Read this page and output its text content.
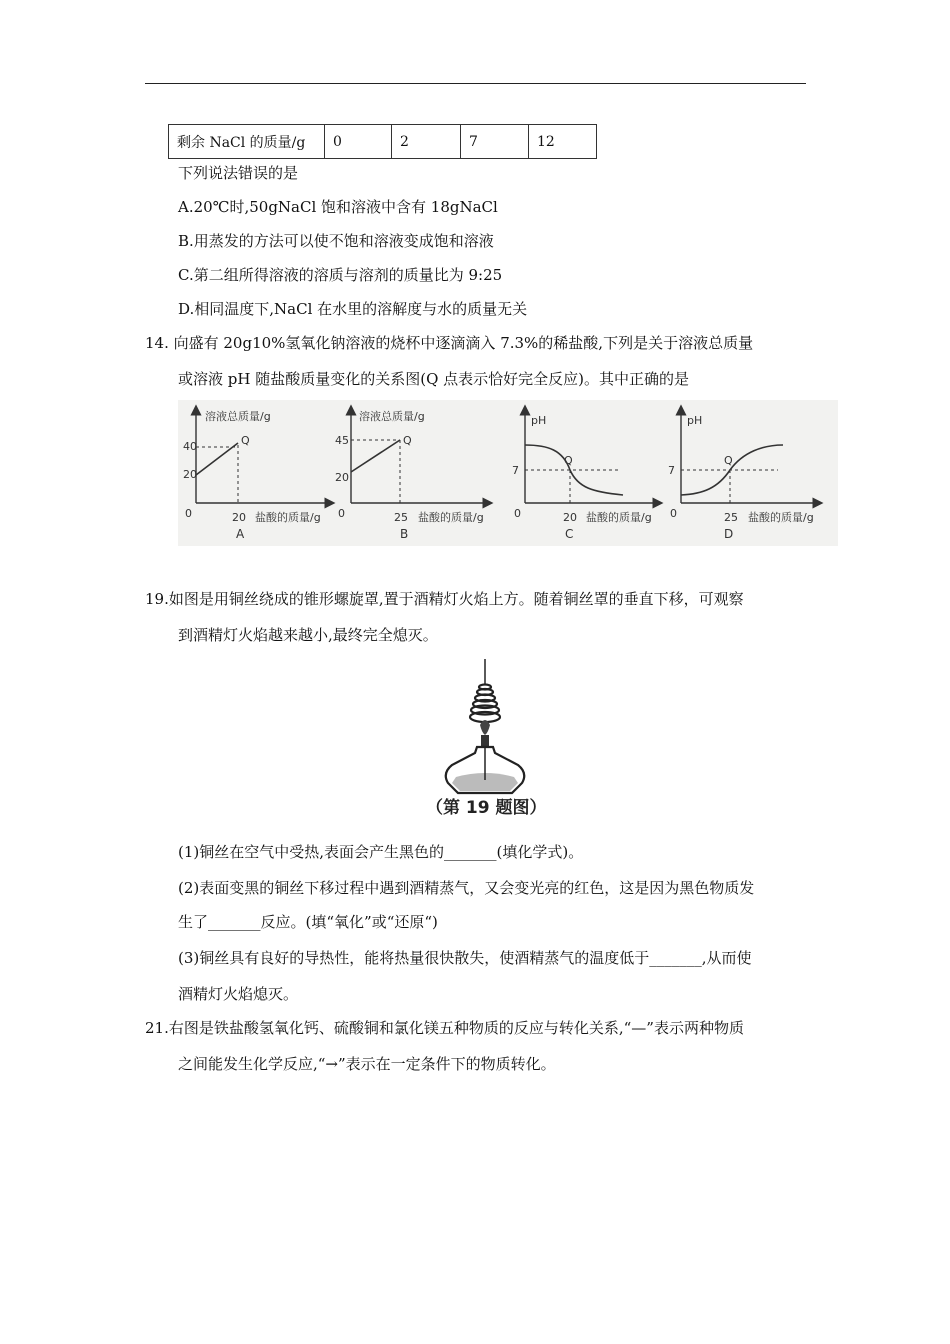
剩余 NaCl 的质量/g	0	2	7	12
下列说法错误的是
A.20℃时,50gNaCl 饱和溶液中含有 18gNaCl
B.用蒸发的方法可以使不饱和溶液变成饱和溶液
C.第二组所得溶液的溶质与溶剂的质量比为 9:25
D.相同温度下,NaCl 在水里的溶解度与水的质量无关
14. 向盛有 20g10%氢氧化钠溶液的烧杯中逐滴滴入 7.3%的稀盐酸,下列是关于溶液总质量
或溶液 pH 随盐酸质量变化的关系图(Q 点表示恰好完全反应)。其中正确的是
溶液总质量/g
40
20
Q
0	20 盐酸的质量/g
A
溶液总质量/g
45
20
Q
0	25 盐酸的质量/g
B
pH
7
Q
0	20 盐酸的质量/g
C
pH
7
Q
0	25 盐酸的质量/g
D
19.如图是用铜丝绕成的锥形螺旋罩,置于酒精灯火焰上方。随着铜丝罩的垂直下移，可观察
到酒精灯火焰越来越小,最终完全熄灭。
（第 19 题图）
(1)铜丝在空气中受热,表面会产生黑色的_______(填化学式)。
(2)表面变黑的铜丝下移过程中遇到酒精蒸气，又会变光亮的红色，这是因为黑色物质发
生了_______反应。(填“氧化”或“还原“)
(3)铜丝具有良好的导热性，能将热量很快散失，使酒精蒸气的温度低于_______,从而使
酒精灯火焰熄灭。
21.右图是铁盐酸氢氧化钙、硫酸铜和氯化镁五种物质的反应与转化关系,“—”表示两种物质
之间能发生化学反应,“→”表示在一定条件下的物质转化。
